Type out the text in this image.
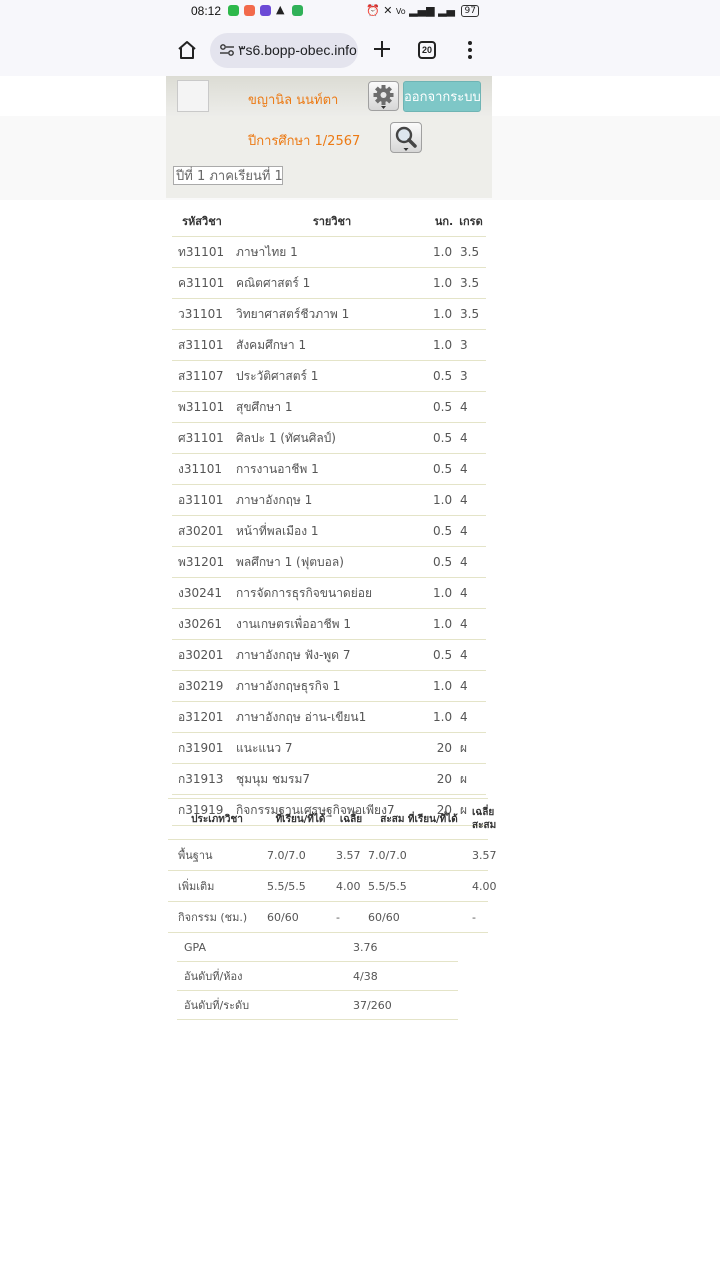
08:12	▲	⏰ ✕ Vo ▂▄▆ ▂▄ 97
۳s6.bopp-obec.info	20
ขญานิล นนท์ตา	ออกจากระบบ
ปีการศึกษา 1/2567
ปีที่ 1 ภาคเรียนที่ 1
รหัสวิชา	รายวิชา	นก.	เกรด
ท31101	ภาษาไทย 1	1.0	3.5
ค31101	คณิตศาสตร์ 1	1.0	3.5
ว31101	วิทยาศาสตร์ชีวภาพ 1	1.0	3.5
ส31101	สังคมศึกษา 1	1.0	3
ส31107	ประวัติศาสตร์ 1	0.5	3
พ31101	สุขศึกษา 1	0.5	4
ศ31101	ศิลปะ 1 (ทัศนศิลป์)	0.5	4
ง31101	การงานอาชีพ 1	0.5	4
อ31101	ภาษาอังกฤษ 1	1.0	4
ส30201	หน้าที่พลเมือง 1	0.5	4
พ31201	พลศึกษา 1 (ฟุตบอล)	0.5	4
ง30241	การจัดการธุรกิจขนาดย่อย	1.0	4
ง30261	งานเกษตรเพื่ออาชีพ 1	1.0	4
อ30201	ภาษาอังกฤษ ฟัง-พูด 7	0.5	4
อ30219	ภาษาอังกฤษธุรกิจ 1	1.0	4
อ31201	ภาษาอังกฤษ อ่าน-เขียน1	1.0	4
ก31901	แนะแนว 7	20	ผ
ก31913	ชุมนุม ชมรม7	20	ผ
ก31919	กิจกรรมฐานเศรษฐกิจพอเพียง7	20	ผ
ประเภทวิชา	ที่เรียน/ที่ได้	เฉลี่ย	สะสม ที่เรียน/ที่ได้	เฉลี่ย
สะสม
พื้นฐาน	7.0/7.0	3.57	7.0/7.0	3.57
เพิ่มเติม	5.5/5.5	4.00	5.5/5.5	4.00
กิจกรรม (ชม.)	60/60	-	60/60	-
GPA	3.76
อันดับที่/ห้อง	4/38
อันดับที่/ระดับ	37/260
